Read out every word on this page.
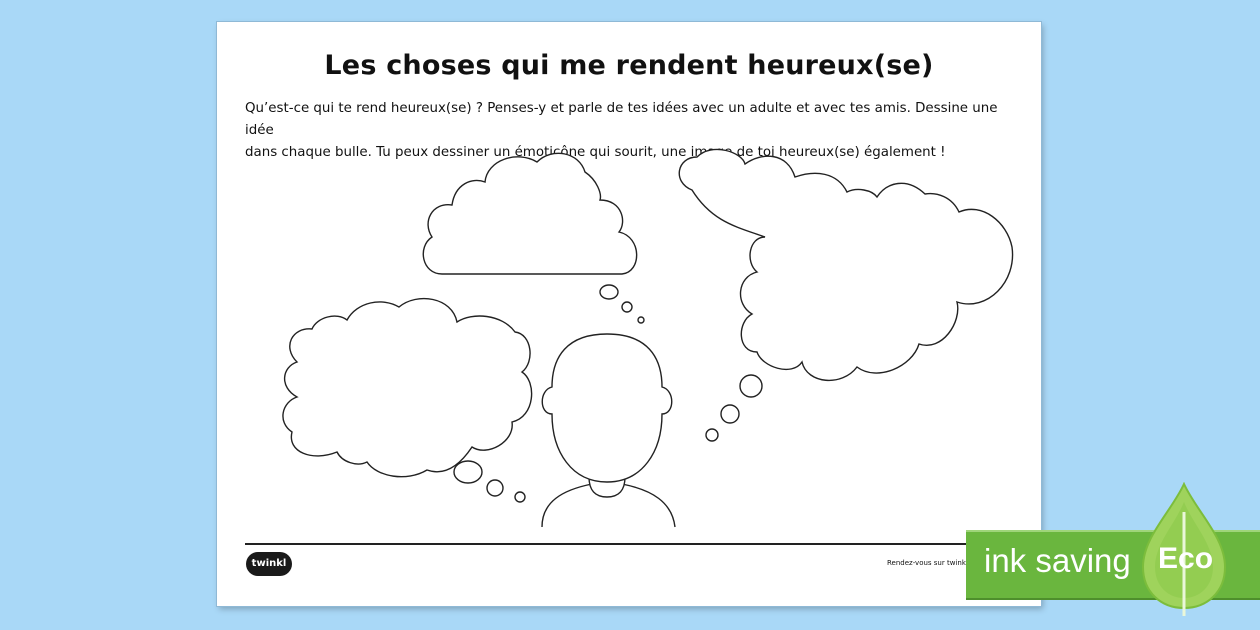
Les choses qui me rendent heureux(se)

Qu’est-ce qui te rend heureux(se) ? Penses-y et parle de tes idées avec un adulte et avec tes amis. Dessine une idée
dans chaque bulle. Tu peux dessiner un émoticône qui sourit, une image de toi heureux(se) également !

twinkl	Rendez-vous sur twink ink saving Eco
